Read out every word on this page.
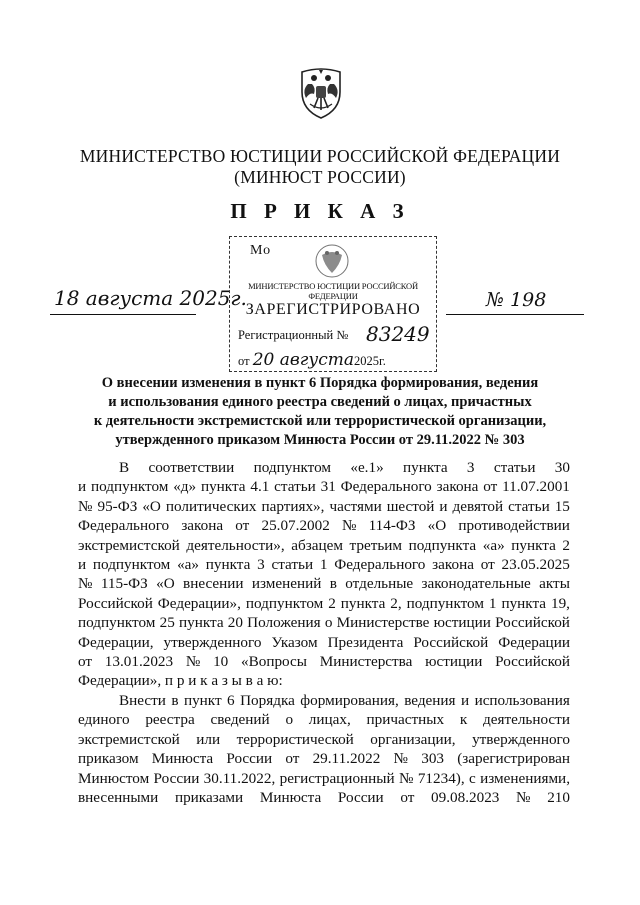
МИНИСТЕРСТВО ЮСТИЦИИ РОССИЙСКОЙ ФЕДЕРАЦИИ
(МИНЮСТ РОССИИ)
П Р И К А З
Мо
МИНИСТЕРСТВО ЮСТИЦИИ РОССИЙСКОЙ ФЕДЕРАЦИИ
ЗАРЕГИСТРИРОВАНО
Регистрационный № 83249
от 20 августа2025г.
18 августа 2025г.	№ 198
О внесении изменения в пункт 6 Порядка формирования, ведения
и использования единого реестра сведений о лицах, причастных
к деятельности экстремистской или террористической организации,
утвержденного приказом Минюста России от 29.11.2022 № 303
В соответствии подпунктом «е.1» пункта 3 статьи 30
и подпунктом «д» пункта 4.1 статьи 31 Федерального закона от 11.07.2001
№ 95-ФЗ «О политических партиях», частями шестой и девятой статьи 15
Федерального закона от 25.07.2002 № 114-ФЗ «О противодействии
экстремистской деятельности», абзацем третьим подпункта «а» пункта 2
и подпунктом «а» пункта 3 статьи 1 Федерального закона от 23.05.2025
№ 115-ФЗ «О внесении изменений в отдельные законодательные акты
Российской Федерации», подпунктом 2 пункта 2, подпунктом 1 пункта 19,
подпунктом 25 пункта 20 Положения о Министерстве юстиции Российской
Федерации, утвержденного Указом Президента Российской Федерации
от 13.01.2023 № 10 «Вопросы Министерства юстиции Российской
Федерации», п р и к а з ы в а ю:
Внести в пункт 6 Порядка формирования, ведения и использования
единого реестра сведений о лицах, причастных к деятельности
экстремистской или террористической организации, утвержденного
приказом Минюста России от 29.11.2022 № 303 (зарегистрирован
Минюстом России 30.11.2022, регистрационный № 71234), с изменениями,
внесенными приказами Минюста России от 09.08.2023 № 210
